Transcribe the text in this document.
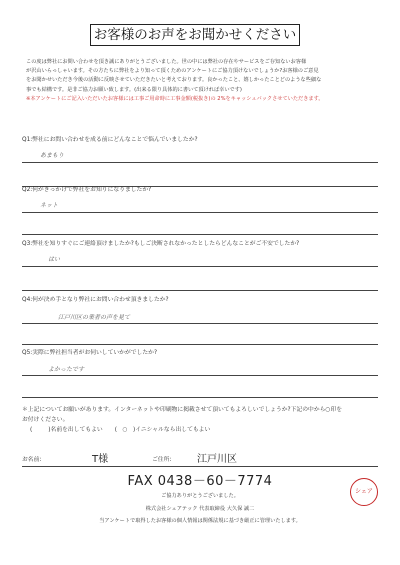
お客様のお声をお聞かせください

この度は弊社にお問い合わせを頂き誠にありがとうございました。世の中には弊社の存在やサービスをご存知ないお客様

が沢山いらっしゃいます。その方たちに弊社をより知って頂くためのアンケートにご協力頂けないでしょうか?お客様のご意見

をお聞かせいただき今後の活動に反映させていただきたいと考えております。良かったこと、嬉しかったことどのような些細な

事でも結構です。是非ご協力お願い致します。(出来る限り具体的に書いて頂ければ幸いです)

※本アンケートにご記入いただいたお客様には工事ご用命時に工事金額(税抜き)の 2%をキャッシュバックさせていただきます。

Q1:弊社にお問い合わせを成る前にどんなことで悩んでいましたか?
あまもり
Q2:何がきっかけで弊社をお知りになりましたか?
ネット
Q3:弊社を知りすぐにご連絡頂けましたか?もしご決断されなかったとしたらどんなことがご不安でしたか?
はい
Q4:何が決め手となり弊社にお問い合わせ頂きましたか?
江戸川区の業者の声を見て
Q5:実際に弊社担当者がお伺いしていかがでしたか?
よかったです
＊上記についてお願いがあります。インターネットや印刷物に掲載させて頂いてもよろしいでしょうか?下記の中から○印を
お付けください。
(	) 名前を出してもよい ( ○ ) イニシャルなら出してもよい
お名前:	T様	ご住所:	江戸川区
FAX 0438－60－7774
ご協力ありがとうございました。
株式会社シェアテック 代表取締役 大久保 誠二
当アンケートで取得したお客様の個人情報は関係法規に基づき厳正に管理いたします。
シェア
